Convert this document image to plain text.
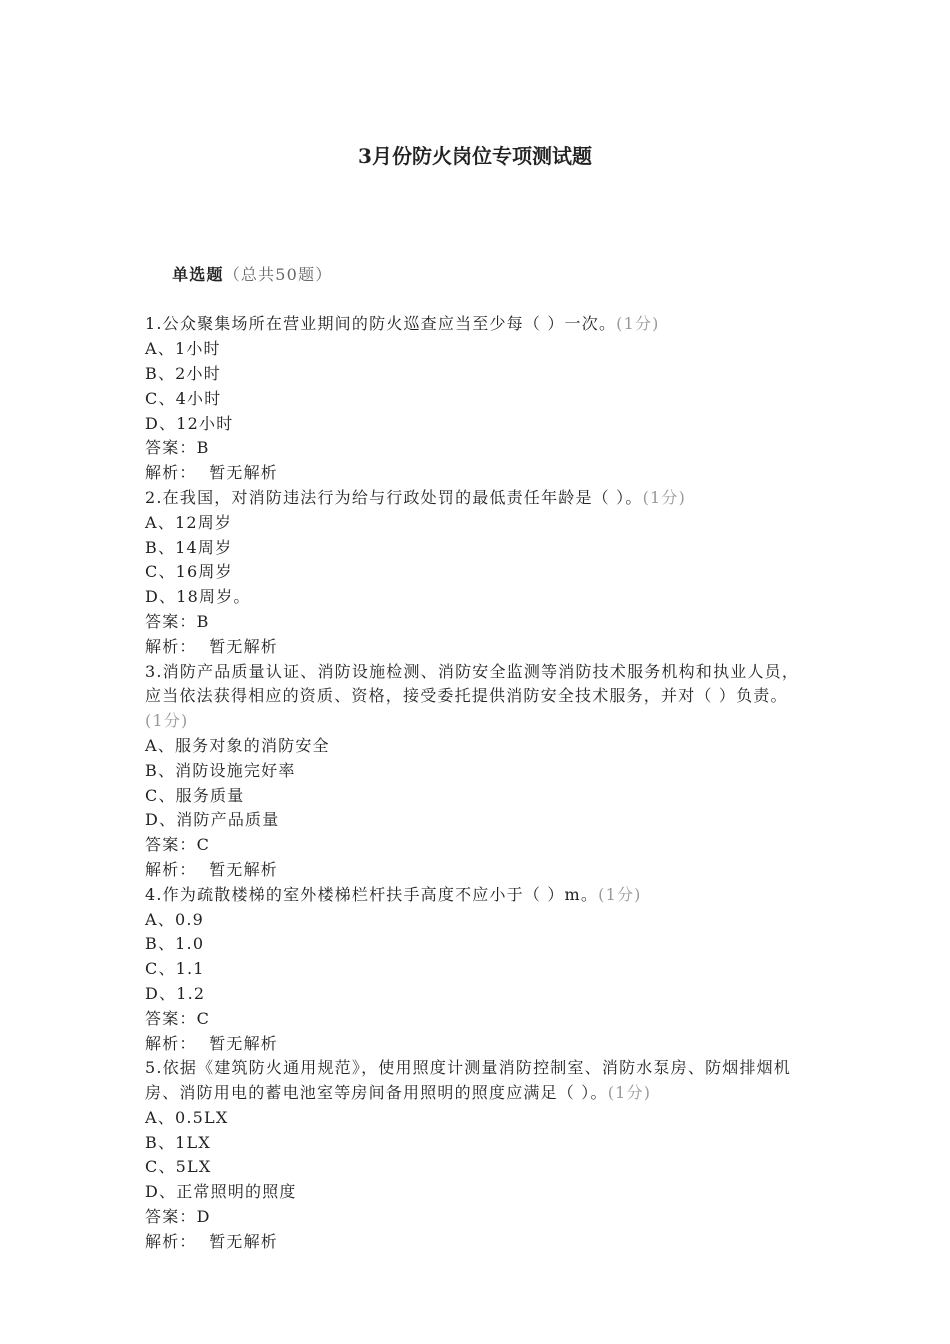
3月份防火岗位专项测试题

单选题（总共50题）

1.公众聚集场所在营业期间的防火巡查应当至少每（ ）一次。(1分)
A、1小时
B、2小时
C、4小时
D、12小时
答案：B
解析： 暂无解析
2.在我国，对消防违法行为给与行政处罚的最低责任年龄是（ ）。(1分)
A、12周岁
B、14周岁
C、16周岁
D、18周岁。
答案：B
解析： 暂无解析
3.消防产品质量认证、消防设施检测、消防安全监测等消防技术服务机构和执业人员，应当依法获得相应的资质、资格，接受委托提供消防安全技术服务，并对（ ）负责。(1分)
A、服务对象的消防安全
B、消防设施完好率
C、服务质量
D、消防产品质量
答案：C
解析： 暂无解析
4.作为疏散楼梯的室外楼梯栏杆扶手高度不应小于（ ）m。(1分)
A、0.9
B、1.0
C、1.1
D、1.2
答案：C
解析： 暂无解析
5.依据《建筑防火通用规范》，使用照度计测量消防控制室、消防水泵房、防烟排烟机房、消防用电的蓄电池室等房间备用照明的照度应满足（ ）。(1分)
A、0.5LX
B、1LX
C、5LX
D、正常照明的照度
答案：D
解析： 暂无解析
